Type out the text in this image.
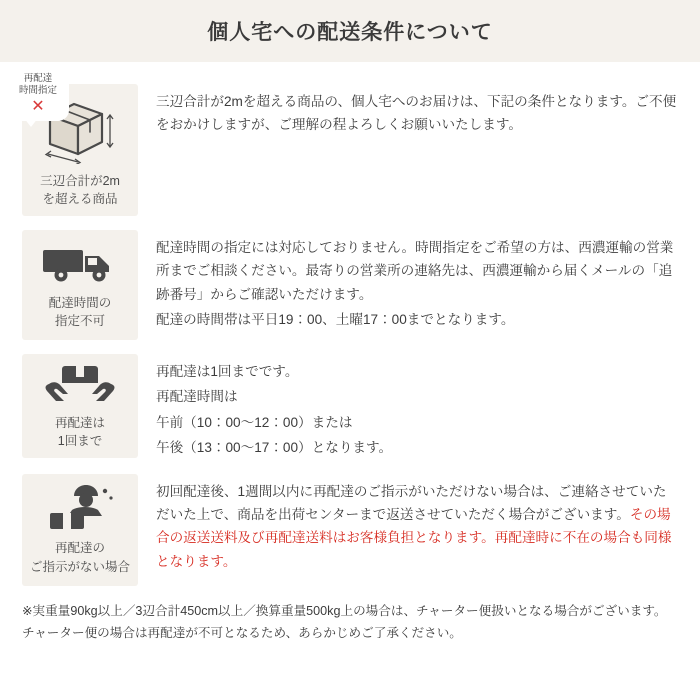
個人宅への配送条件について
再配達
時間指定
✕
三辺合計が2m
を超える商品

三辺合計が2mを超える商品の、個人宅へのお届けは、下記の条件となります。ご不便をおかけしますが、ご理解の程よろしくお願いいたします。

配達時間の
指定不可

配達時間の指定には対応しておりません。時間指定をご希望の方は、西濃運輸の営業所までご相談ください。最寄りの営業所の連絡先は、西濃運輸から届くメールの「追跡番号」からご確認いただけます。

配達の時間帯は平日19：00、土曜17：00までとなります。

再配達は
1回まで

再配達は1回までです。

再配達時間は

午前（10：00〜12：00）または

午後（13：00〜17：00）となります。

再配達の
ご指示がない場合

初回配達後、1週間以内に再配達のご指示がいただけない場合は、ご連絡させていただいた上で、商品を出荷センターまで返送させていただく場合がございます。その場合の返送送料及び再配達送料はお客様負担となります。再配達時に不在の場合も同様となります。

※実重量90kg以上／3辺合計450cm以上／換算重量500kg上の場合は、チャーター便扱いとなる場合がございます。チャーター便の場合は再配達が不可となるため、あらかじめご了承ください。
